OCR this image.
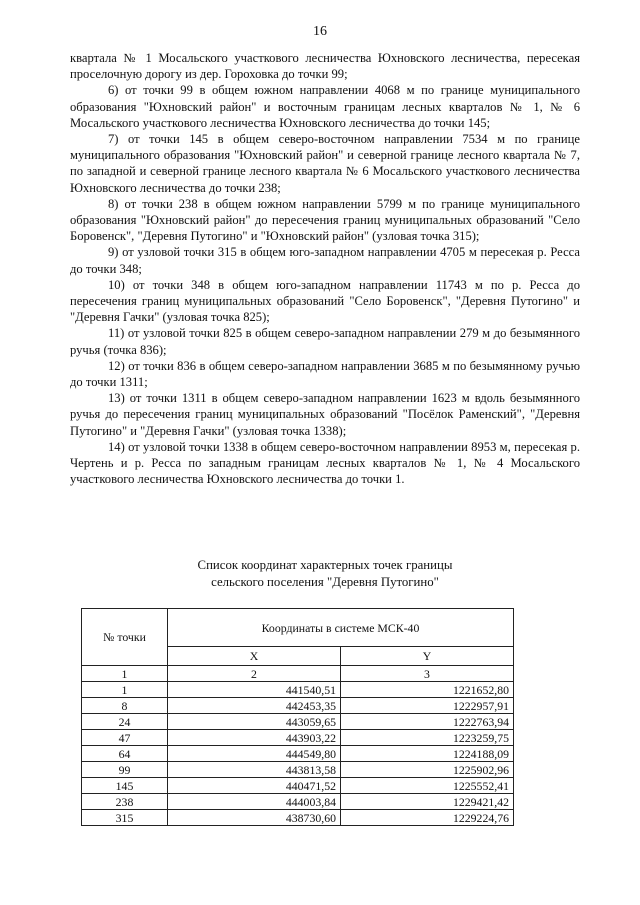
16

квартала № 1 Мосальского участкового лесничества Юхновского лесничества, пересекая проселочную дорогу из дер. Гороховка до точки 99;

6) от точки 99 в общем южном направлении 4068 м по границе муниципального образования "Юхновский район" и восточным границам лесных кварталов № 1, № 6 Мосальского участкового лесничества Юхновского лесничества до точки 145;

7) от точки 145 в общем северо-восточном направлении 7534 м по границе муниципального образования "Юхновский район" и северной границе лесного квартала № 7, по западной и северной границе лесного квартала № 6 Мосальского участкового лесничества Юхновского лесничества до точки 238;

8) от точки 238 в общем южном направлении 5799 м по границе муниципального образования "Юхновский район" до пересечения границ муниципальных образований "Село Боровенск", "Деревня Путогино" и "Юхновский район" (узловая точка 315);

9) от узловой точки 315 в общем юго-западном направлении 4705 м пересекая р. Ресса до точки 348;

10) от точки 348 в общем юго-западном направлении 11743 м по р. Ресса до пересечения границ муниципальных образований "Село Боровенск", "Деревня Путогино" и "Деревня Гачки" (узловая точка 825);

11) от узловой точки 825 в общем северо-западном направлении 279 м до безымянного ручья (точка 836);

12) от точки 836 в общем северо-западном направлении 3685 м по безымянному ручью до точки 1311;

13) от точки 1311 в общем северо-западном направлении 1623 м вдоль безымянного ручья до пересечения границ муниципальных образований "Посёлок Раменский", "Деревня Путогино" и "Деревня Гачки" (узловая точка 1338);

14) от узловой точки 1338 в общем северо-восточном направлении 8953 м, пересекая р. Чертень и р. Ресса по западным границам лесных кварталов № 1, № 4 Мосальского участкового лесничества Юхновского лесничества до точки 1.

Список координат характерных точек границы
сельского поселения "Деревня Путогино"
№ точки	Координаты в системе МСК-40	
	X	Y
1	2	3
1	441540,51	1221652,80
8	442453,35	1222957,91
24	443059,65	1222763,94
47	443903,22	1223259,75
64	444549,80	1224188,09
99	443813,58	1225902,96
145	440471,52	1225552,41
238	444003,84	1229421,42
315	438730,60	1229224,76
